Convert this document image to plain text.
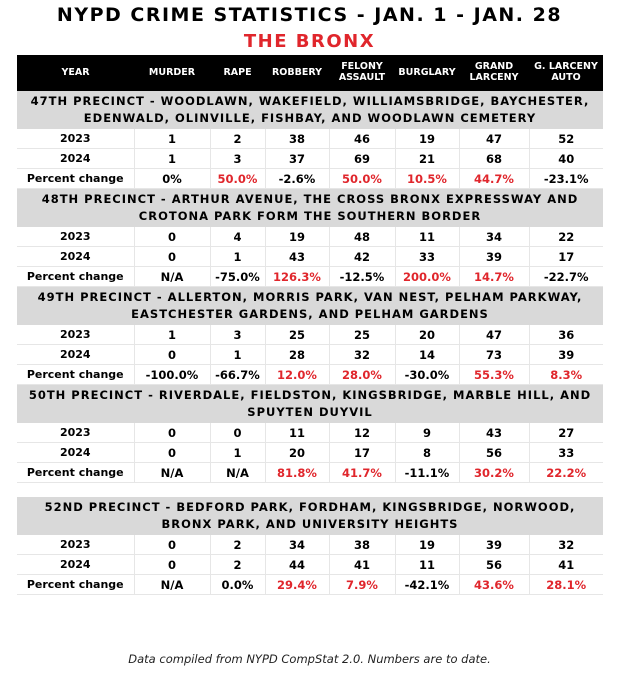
NYPD CRIME STATISTICS - JAN. 1 - JAN. 28
THE BRONX
YEAR	MURDER	RAPE	ROBBERY	FELONY ASSAULT	BURGLARY	GRAND LARCENY	G. LARCENY AUTO
47TH PRECINCT - WOODLAWN, WAKEFIELD, WILLIAMSBRIDGE, BAYCHESTER, EDENWALD, OLINVILLE, FISHBAY, AND WOODLAWN CEMETERY							
2023	1	2	38	46	19	47	52
2024	1	3	37	69	21	68	40
Percent change	0%	50.0%	-2.6%	50.0%	10.5%	44.7%	-23.1%
48TH PRECINCT - ARTHUR AVENUE, THE CROSS BRONX EXPRESSWAY AND CROTONA PARK FORM THE SOUTHERN BORDER							
2023	0	4	19	48	11	34	22
2024	0	1	43	42	33	39	17
Percent change	N/A	-75.0%	126.3%	-12.5%	200.0%	14.7%	-22.7%
49TH PRECINCT - ALLERTON, MORRIS PARK, VAN NEST, PELHAM PARKWAY, EASTCHESTER GARDENS, AND PELHAM GARDENS							
2023	1	3	25	25	20	47	36
2024	0	1	28	32	14	73	39
Percent change	-100.0%	-66.7%	12.0%	28.0%	-30.0%	55.3%	8.3%
50TH PRECINCT - RIVERDALE, FIELDSTON, KINGSBRIDGE, MARBLE HILL, AND SPUYTEN DUYVIL							
2023	0	0	11	12	9	43	27
2024	0	1	20	17	8	56	33
Percent change	N/A	N/A	81.8%	41.7%	-11.1%	30.2%	22.2%

52ND PRECINCT - BEDFORD PARK, FORDHAM, KINGSBRIDGE, NORWOOD, BRONX PARK, AND UNIVERSITY HEIGHTS							
2023	0	2	34	38	19	39	32
2024	0	2	44	41	11	56	41
Percent change	N/A	0.0%	29.4%	7.9%	-42.1%	43.6%	28.1%
Data compiled from NYPD CompStat 2.0. Numbers are to date.
